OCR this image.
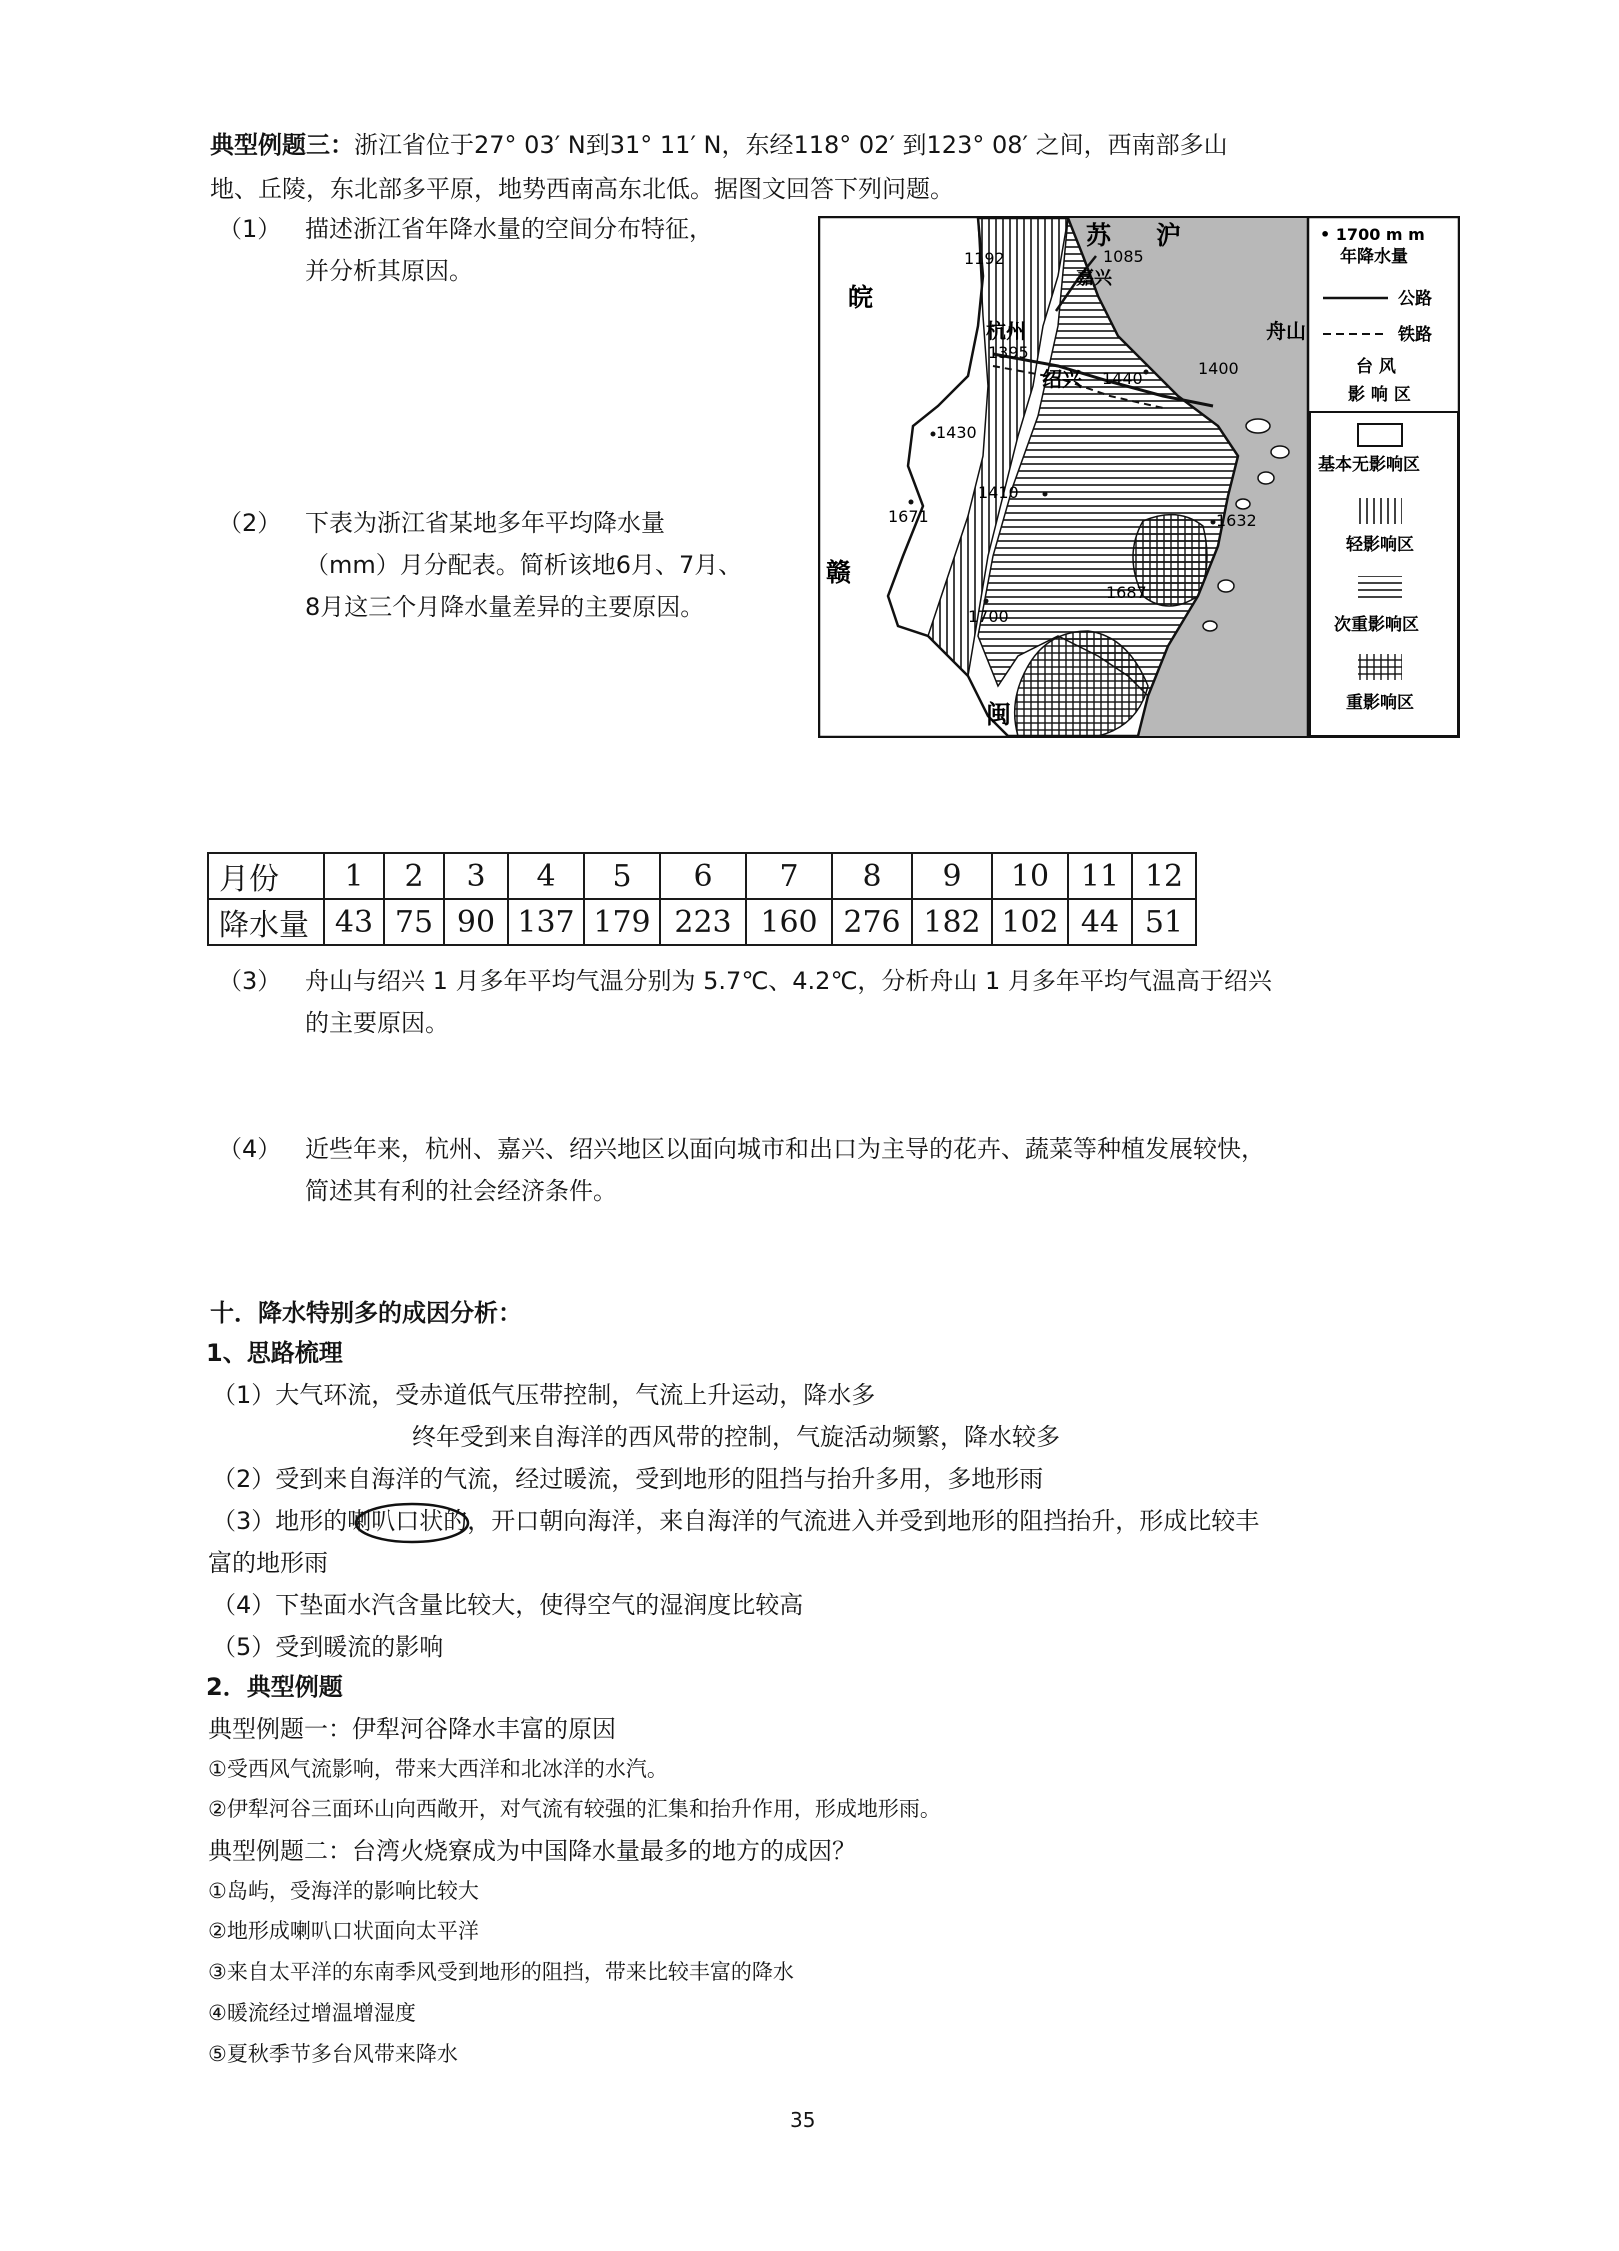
典型例题三：浙江省位于27° 03′ N到31° 11′ N，东经118° 02′ 到123° 08′ 之间，西南部多山
地、丘陵，东北部多平原，地势西南高东北低。据图文回答下列问题。
（1） 描述浙江省年降水量的空间分布特征，
并分析其原因。
（2） 下表为浙江省某地多年平均降水量
（mm）月分配表。简析该地6月、7月、
8月这三个月降水量差异的主要原因。
苏 沪
皖
赣
闽
杭州
绍兴
舟山
嘉兴
1192	1085
1395
1440
1400
1430
1410
1671	1632
1687
1700
• 1700 m m
年降水量
公路
铁路
台 风
影 响 区
基本无影响区
轻影响区
次重影响区
重影响区
月份	1	2	3	4	5	6	7	8	9	10	11	12
降水量	43	75	90	137	179	223	160	276	182	102	44	51
（3） 舟山与绍兴 1 月多年平均气温分别为 5.7℃、4.2℃，分析舟山 1 月多年平均气温高于绍兴
的主要原因。
（4） 近些年来，杭州、嘉兴、绍兴地区以面向城市和出口为主导的花卉、蔬菜等种植发展较快，
简述其有利的社会经济条件。
十．降水特别多的成因分析：
1、思路梳理
（1）大气环流，受赤道低气压带控制，气流上升运动，降水多
终年受到来自海洋的西风带的控制，气旋活动频繁，降水较多
（2）受到来自海洋的气流，经过暖流，受到地形的阻挡与抬升多用，多地形雨
（3）地形的喇叭口状的，开口朝向海洋，来自海洋的气流进入并受到地形的阻挡抬升，形成比较丰
富的地形雨
（4）下垫面水汽含量比较大，使得空气的湿润度比较高
（5）受到暖流的影响
2．典型例题
典型例题一：伊犁河谷降水丰富的原因
①受西风气流影响，带来大西洋和北冰洋的水汽。
②伊犁河谷三面环山向西敞开，对气流有较强的汇集和抬升作用，形成地形雨。
典型例题二：台湾火烧寮成为中国降水量最多的地方的成因？
①岛屿，受海洋的影响比较大
②地形成喇叭口状面向太平洋
③来自太平洋的东南季风受到地形的阻挡，带来比较丰富的降水
④暖流经过增温增湿度
⑤夏秋季节多台风带来降水
35
